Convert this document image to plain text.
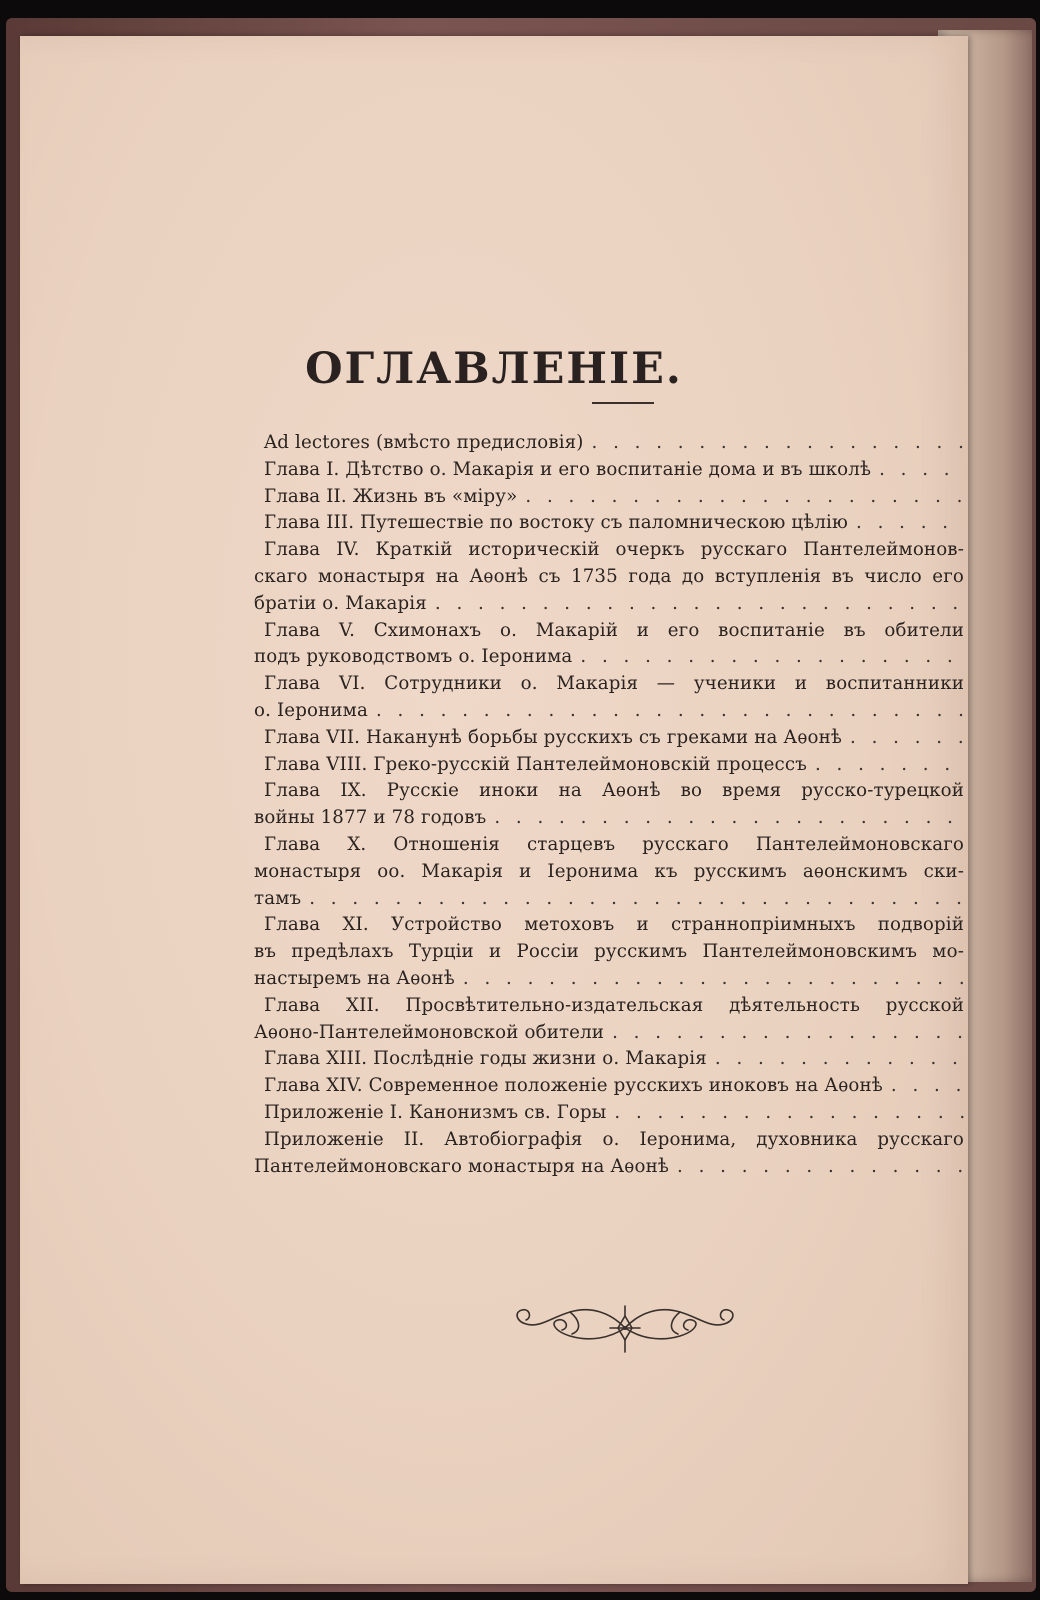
ОГЛАВЛЕНІЕ.
Ad lectores (вмѣсто предисловія)
. . .
Глава I. Дѣтство о. Макарія и его воспитаніе дома и въ школѣ
. . .
Глава II. Жизнь въ «міру»
. . .
Глава III. Путешествіе по востоку съ паломническою цѣлію
. . .
Глава IV. Краткій историческій очеркъ русскаго Пантелеймонов-
скаго монастыря на Аѳонѣ съ 1735 года до вступленія въ число его
братіи о. Макарія
. . .
Глава V. Схимонахъ о. Макарій и его воспитаніе въ обители
подъ руководствомъ о. Іеронима
. . .
Глава VI. Сотрудники о. Макарія — ученики и воспитанники
о. Іеронима
. . .
Глава VII. Наканунѣ борьбы русскихъ съ греками на Аѳонѣ
. . .
Глава VIII. Греко-русскій Пантелеймоновскій процессъ
. . .
Глава IX. Русскіе иноки на Аѳонѣ во время русско-турецкой
войны 1877 и 78 годовъ
. . .
Глава X. Отношенія старцевъ русскаго Пантелеймоновскаго
монастыря оо. Макарія и Іеронима къ русскимъ аѳонскимъ ски-
тамъ
. . .
Глава XI. Устройство метоховъ и страннопріимныхъ подворій
въ предѣлахъ Турціи и Россіи русскимъ Пантелеймоновскимъ мо-
настыремъ на Аѳонѣ
. . .
Глава XII. Просвѣтительно-издательская дѣятельность русской
Аѳоно-Пантелеймоновской обители
. . .
Глава XIII. Послѣдніе годы жизни о. Макарія
. . .
Глава XIV. Современное положеніе русскихъ иноковъ на Аѳонѣ
. . .
Приложеніе I. Канонизмъ св. Горы
. . .
Приложеніе II. Автобіографія о. Іеронима, духовника русскаго
Пантелеймоновскаго монастыря на Аѳонѣ
. . .
